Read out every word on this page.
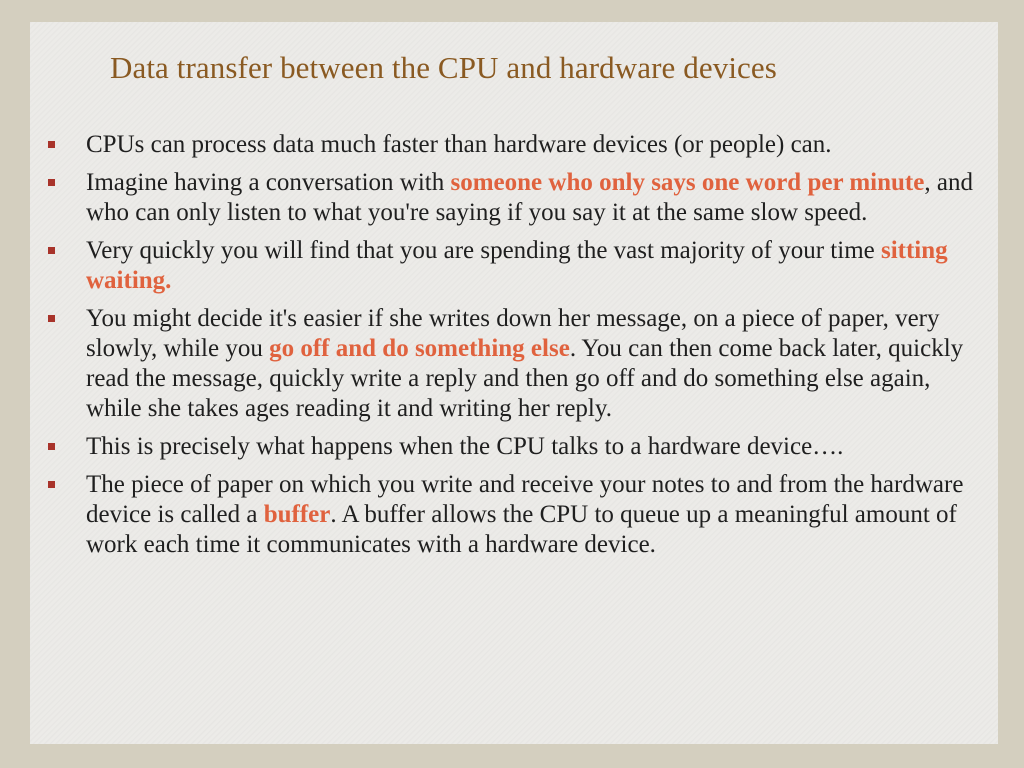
Data transfer between the CPU and hardware devices
CPUs can process data much faster than hardware devices (or people) can.
Imagine having a conversation with someone who only says one word per minute, and who can only listen to what you're saying if you say it at the same slow speed.
Very quickly you will find that you are spending the vast majority of your time sitting waiting.
You might decide it's easier if she writes down her message, on a piece of paper, very slowly, while you go off and do something else. You can then come back later, quickly read the message, quickly write a reply and then go off and do something else again, while she takes ages reading it and writing her reply.
This is precisely what happens when the CPU talks to a hardware device….
The piece of paper on which you write and receive your notes to and from the hardware device is called a buffer. A buffer allows the CPU to queue up a meaningful amount of work each time it communicates with a hardware device.
